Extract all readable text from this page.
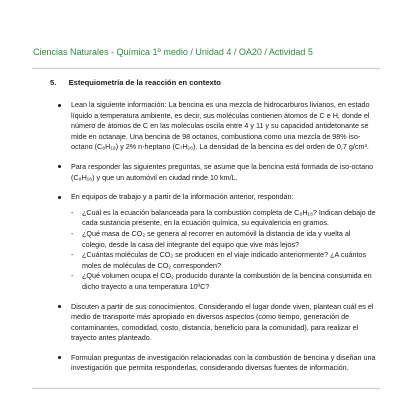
Ciencias Naturales - Química 1º medio / Unidad 4 / OA20 / Actividad 5
5. Estequiometría de la reacción en contexto
Lean la siguiente información: La bencina es una mezcla de hidrocarburos livianos, en estado líquido a temperatura ambiente, es decir, sus moléculas contienen átomos de C e H, donde el número de átomos de C en las moléculas oscila entre 4 y 11 y su capacidad antidetonante se mide en octanaje. Una bencina de 98 octanos, combustiona como una mezcla de 98% iso-octano (C₈H₁₈) y 2% n-heptano (C₇H₁₆). La densidad de la bencina es del orden de 0,7 g/cm³.
Para responder las siguientes preguntas, se asume que la bencina está formada de iso-octano (C₈H₁₈) y que un automóvil en ciudad rinde 10 km/L.
En equipos de trabajo y a partir de la información anterior, respondan:
- ¿Cuál es la ecuación balanceada para la combustión completa de C₈H₁₈? Indican debajo de cada sustancia presente, en la ecuación química, su equivalencia en gramos.
- ¿Qué masa de CO₂ se genera al recorrer en automóvil la distancia de ida y vuelta al colegio, desde la casa del integrante del equipo que vive más lejos?
- ¿Cuántas moléculas de CO₂ se producen en el viaje indicado anteriormente? ¿A cuántos moles de moléculas de CO₂ corresponden?
- ¿Qué volumen ocupa el CO₂ producido durante la combustión de la bencina consumida en dicho trayecto a una temperatura 10ºC?
Discuten a partir de sus conocimientos. Considerando el lugar donde viven, plantean cuál es el medio de transporte más apropiado en diversos aspectos (como tiempo, generación de contaminantes, comodidad, costo, distancia, beneficio para la comunidad), para realizar el trayecto antes planteado.
Formulan preguntas de investigación relacionadas con la combustión de bencina y diseñan una investigación que permita responderlas, considerando diversas fuentes de información.
